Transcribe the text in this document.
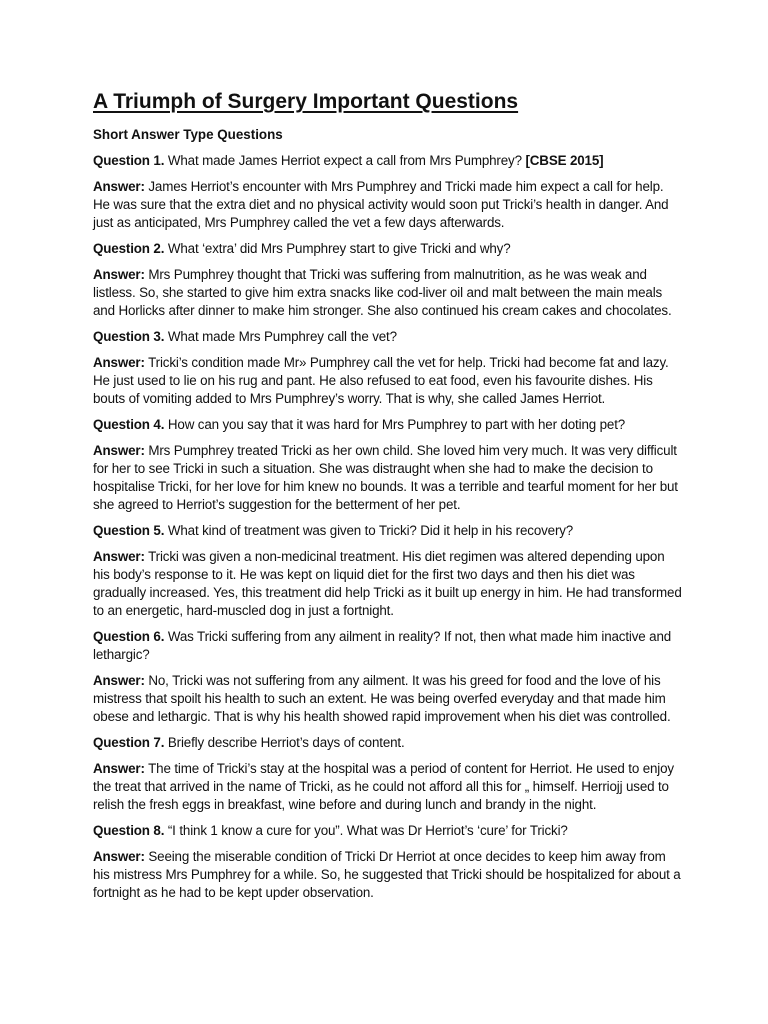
A Triumph of Surgery Important Questions
Short Answer Type Questions
Question 1. What made James Herriot expect a call from Mrs Pumphrey? [CBSE 2015]
Answer: James Herriot’s encounter with Mrs Pumphrey and Tricki made him expect a call for help. He was sure that the extra diet and no physical activity would soon put Tricki’s health in danger. And just as anticipated, Mrs Pumphrey called the vet a few days afterwards.
Question 2. What ‘extra’ did Mrs Pumphrey start to give Tricki and why?
Answer: Mrs Pumphrey thought that Tricki was suffering from malnutrition, as he was weak and listless. So, she started to give him extra snacks like cod-liver oil and malt between the main meals and Horlicks after dinner to make him stronger. She also continued his cream cakes and chocolates.
Question 3. What made Mrs Pumphrey call the vet?
Answer: Tricki’s condition made Mr» Pumphrey call the vet for help. Tricki had become fat and lazy. He just used to lie on his rug and pant. He also refused to eat food, even his favourite dishes. His bouts of vomiting added to Mrs Pumphrey’s worry. That is why, she called James Herriot.
Question 4. How can you say that it was hard for Mrs Pumphrey to part with her doting pet?
Answer: Mrs Pumphrey treated Tricki as her own child. She loved him very much. It was very difficult for her to see Tricki in such a situation. She was distraught when she had to make the decision to hospitalise Tricki, for her love for him knew no bounds. It was a terrible and tearful moment for her but she agreed to Herriot’s suggestion for the betterment of her pet.
Question 5. What kind of treatment was given to Tricki? Did it help in his recovery?
Answer: Tricki was given a non-medicinal treatment. His diet regimen was altered depending upon his body’s response to it. He was kept on liquid diet for the first two days and then his diet was gradually increased. Yes, this treatment did help Tricki as it built up energy in him. He had transformed to an energetic, hard-muscled dog in just a fortnight.
Question 6. Was Tricki suffering from any ailment in reality? If not, then what made him inactive and lethargic?
Answer: No, Tricki was not suffering from any ailment. It was his greed for food and the love of his mistress that spoilt his health to such an extent. He was being overfed everyday and that made him obese and lethargic. That is why his health showed rapid improvement when his diet was controlled.
Question 7. Briefly describe Herriot’s days of content.
Answer: The time of Tricki’s stay at the hospital was a period of content for Herriot. He used to enjoy the treat that arrived in the name of Tricki, as he could not afford all this for „ himself. Herriojj used to relish the fresh eggs in breakfast, wine before and during lunch and brandy in the night.
Question 8. “I think 1 know a cure for you”. What was Dr Herriot’s ‘cure’ for Tricki?
Answer: Seeing the miserable condition of Tricki Dr Herriot at once decides to keep him away from his mistress Mrs Pumphrey for a while. So, he suggested that Tricki should be hospitalized for about a fortnight as he had to be kept upder observation.
